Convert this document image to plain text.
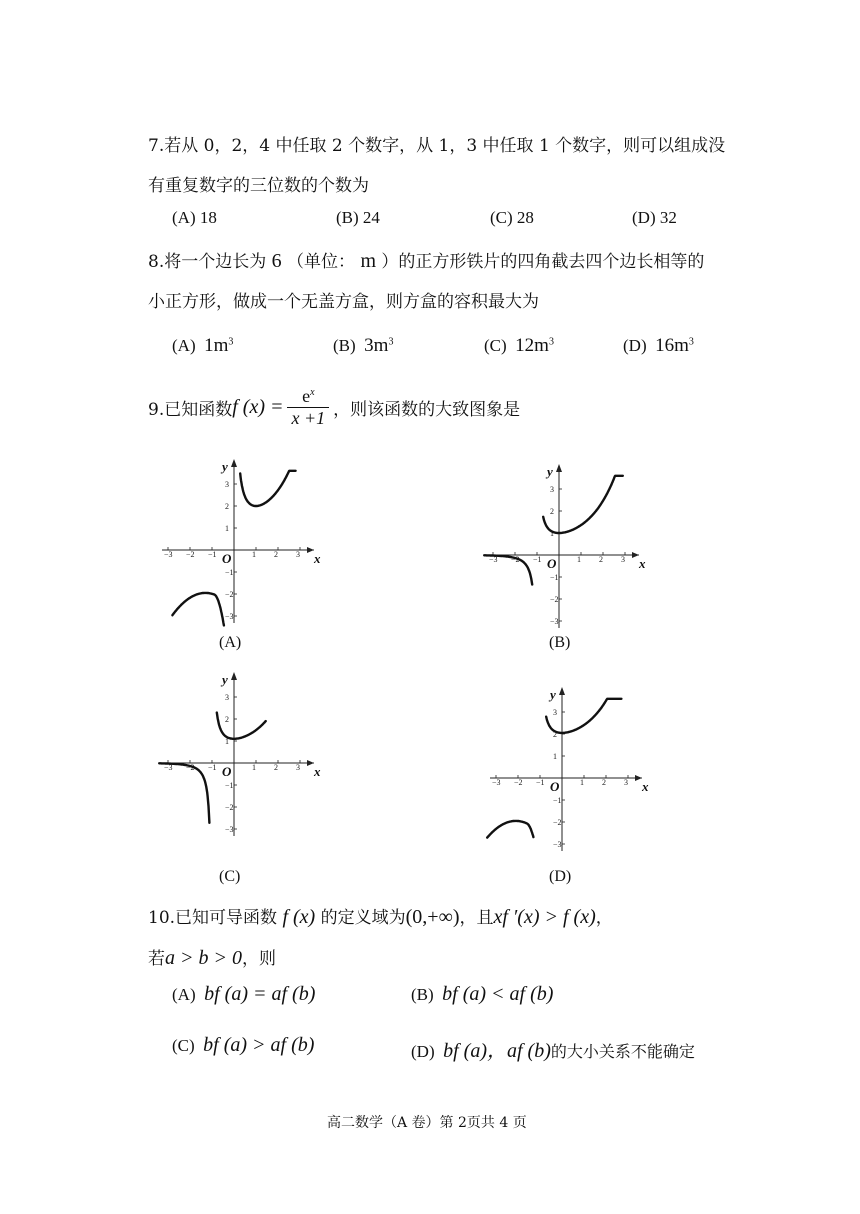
7.若从 0，2，4 中任取 2 个数字，从 1，3 中任取 1 个数字，则可以组成没
有重复数字的三位数的个数为
(A) 18	(B) 24	(C) 28	(D) 32
8.将一个边长为 6 （单位： m ）的正方形铁片的四角截去四个边长相等的
小正方形，做成一个无盖方盒，则方盒的容积最大为
(A) $1m^3$	(B) $3m^3$	(C) $12m^3$	(D) $16m^3$
9.已知函数 f $(x) = \frac{e^x}{x +1}$ ，则该函数的大致图象是
−3 −2 −1	1 2 3
3
2
1
−1
−2
−3
O	x
y
−3 −2 −1	1 2 3
3
2
1
−1
−2
−3
O	x
y
−3 −2 −1	1 2 3
3
2
1
−1
−2
−3
O	x
y
−3 −2 −1	1 2 3
3
2
1
−1
−2
−3
O	x
y
(A)	(B)
(C)	(D)
10.已知可导函数 f (x) 的定义域为(0,+∞)，且xf ′(x) > f (x)，
若a > b > 0，则
(A) bf (a) = af (b)	(B) bf (a) < af (b)
(C) bf (a) > af (b)	(D) bf (a)，af (b)的大小关系不能确定
高二数学（A 卷）第 2页共 4 页
